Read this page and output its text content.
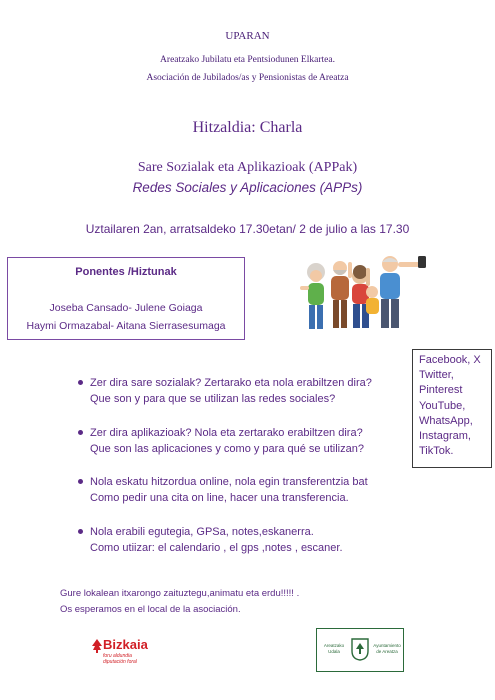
UPARAN
Areatzako Jubilatu eta Pentsiodunen Elkartea.
Asociación de Jubilados/as y Pensionistas de Areatza
Hitzaldia: Charla
Sare Sozialak eta Aplikazioak (APPak)
Redes Sociales y Aplicaciones (APPs)
Uztailaren 2an, arratsaldeko 17.30etan/ 2 de julio a las 17.30
Ponentes /Hiztunak
Joseba Cansado- Julene Goiaga
Haymi Ormazabal- Aitana Sierrasesumaga
Facebook, X
Twitter,
Pinterest
YouTube,
WhatsApp,
Instagram,
TikTok.
Zer dira sare sozialak? Zertarako eta nola erabiltzen dira?
Que son y para que se utilizan las redes sociales?
Zer dira aplikazioak? Nola eta zertarako erabiltzen dira?
Que son las aplicaciones y como y para qué se utilizan?
Nola eskatu hitzordua online, nola egin transferentzia bat
Como pedir una cita on line, hacer una transferencia.
Nola erabili egutegia, GPSa, notes,eskanerra.
Como utiizar: el calendario , el gps ,notes , escaner.
Gure lokalean itxarongo zaituztegu,animatu eta erdu!!!!! .
Os esperamos en el local de la asociación.
Bizkaia
foru aldundia
diputación foral
Areatzako
Udala
Ayuntamiento
de Areatza
